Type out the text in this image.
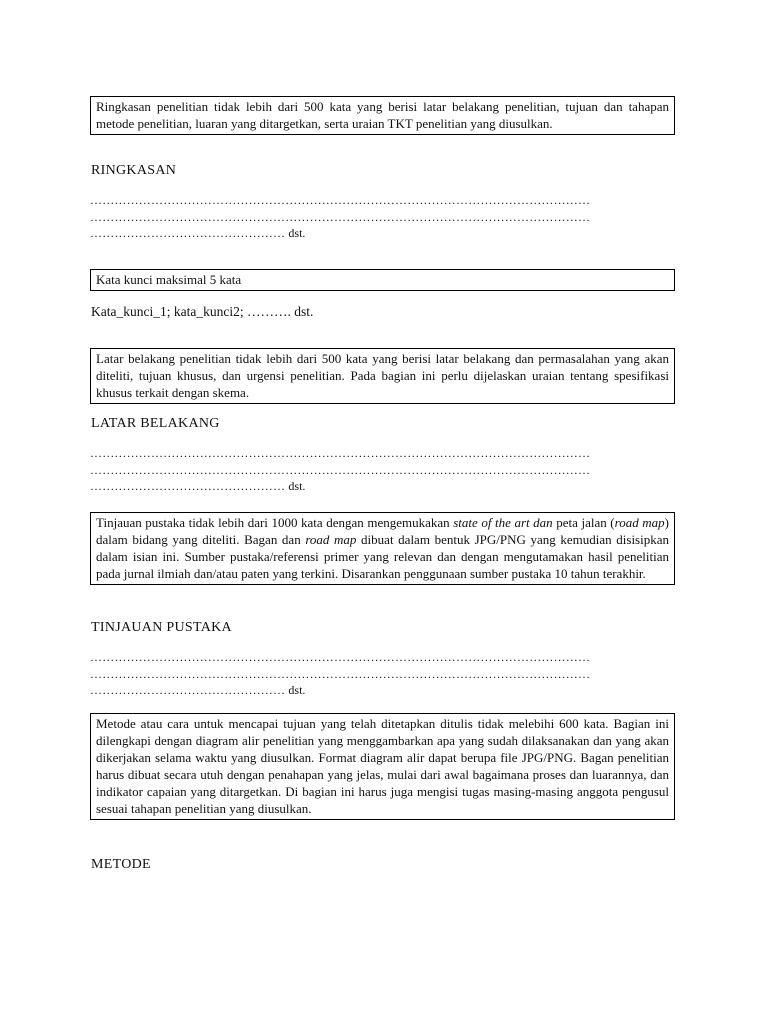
Ringkasan penelitian tidak lebih dari 500 kata yang berisi latar belakang penelitian, tujuan dan tahapan metode penelitian, luaran yang ditargetkan, serta uraian TKT penelitian yang diusulkan.
RINGKASAN
……………………………………………………………………………………………………………
……………………………………………………………………………………………………………
………………………………………… dst.
Kata kunci maksimal 5 kata
Kata_kunci_1; kata_kunci2; ………. dst.
Latar belakang penelitian tidak lebih dari 500 kata yang berisi latar belakang dan permasalahan yang akan diteliti, tujuan khusus, dan urgensi penelitian. Pada bagian ini perlu dijelaskan uraian tentang spesifikasi khusus terkait dengan skema.
LATAR BELAKANG
……………………………………………………………………………………………………………
……………………………………………………………………………………………………………
………………………………………… dst.
Tinjauan pustaka tidak lebih dari 1000 kata dengan mengemukakan state of the art dan peta jalan (road map) dalam bidang yang diteliti. Bagan dan road map dibuat dalam bentuk JPG/PNG yang kemudian disisipkan dalam isian ini. Sumber pustaka/referensi primer yang relevan dan dengan mengutamakan hasil penelitian pada jurnal ilmiah dan/atau paten yang terkini. Disarankan penggunaan sumber pustaka 10 tahun terakhir.
TINJAUAN PUSTAKA
……………………………………………………………………………………………………………
……………………………………………………………………………………………………………
………………………………………… dst.
Metode atau cara untuk mencapai tujuan yang telah ditetapkan ditulis tidak melebihi 600 kata. Bagian ini dilengkapi dengan diagram alir penelitian yang menggambarkan apa yang sudah dilaksanakan dan yang akan dikerjakan selama waktu yang diusulkan. Format diagram alir dapat berupa file JPG/PNG. Bagan penelitian harus dibuat secara utuh dengan penahapan yang jelas, mulai dari awal bagaimana proses dan luarannya, dan indikator capaian yang ditargetkan. Di bagian ini harus juga mengisi tugas masing-masing anggota pengusul sesuai tahapan penelitian yang diusulkan.
METODE
